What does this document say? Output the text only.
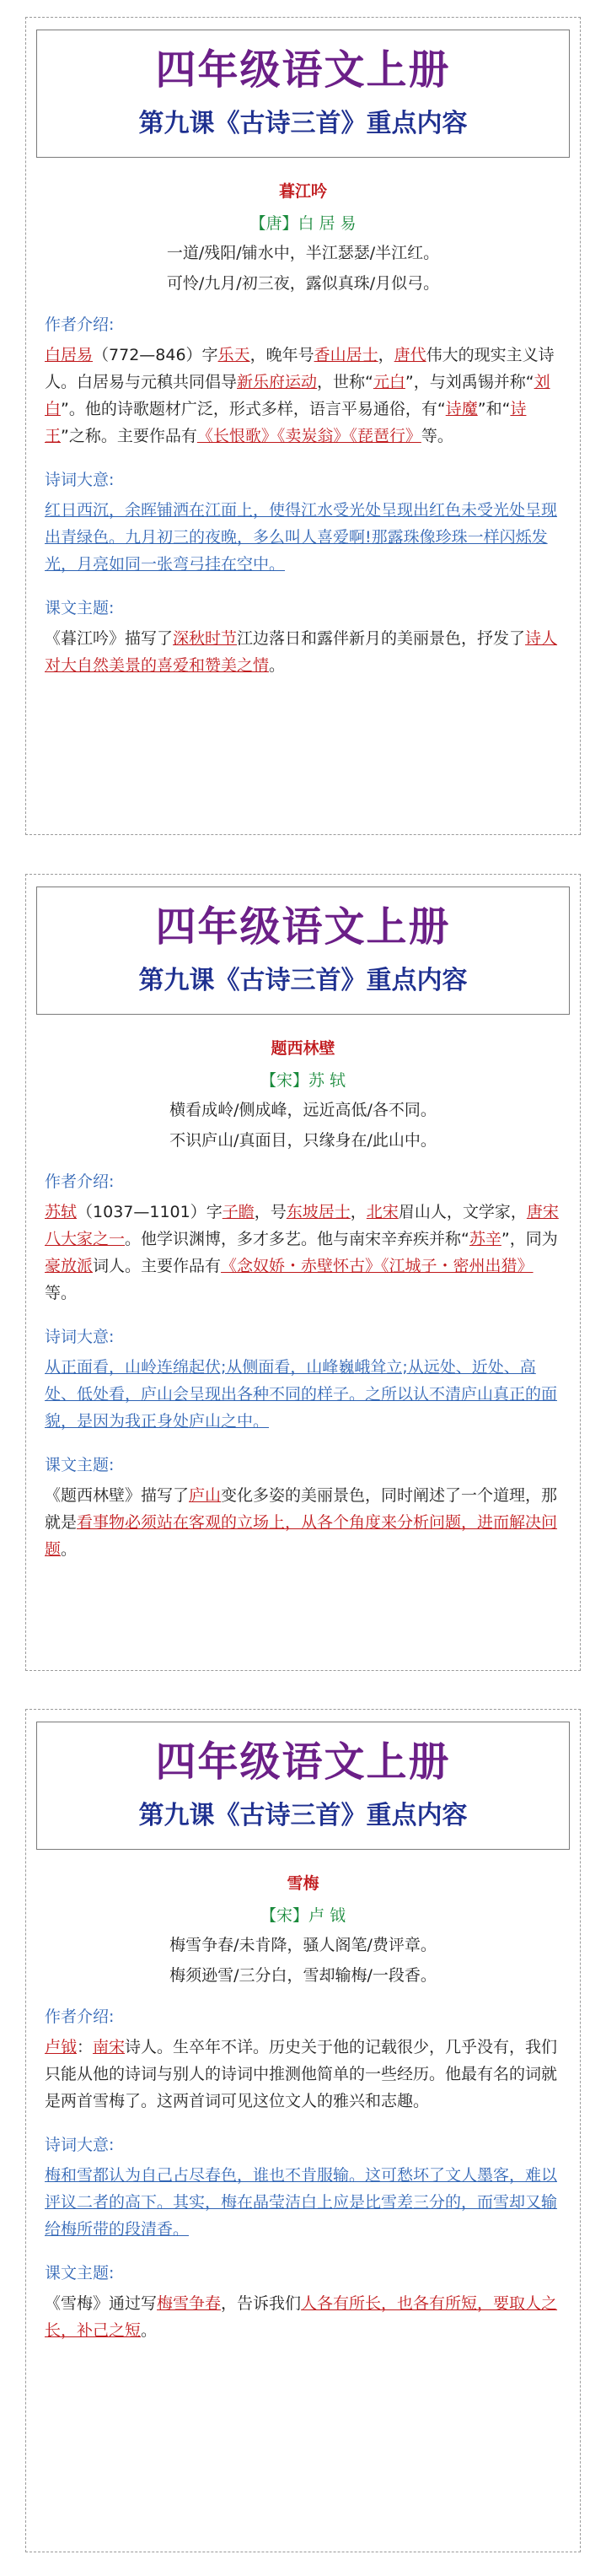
四年级语文上册
第九课《古诗三首》重点内容
暮江吟
【唐】白 居 易
一道/残阳/铺水中，半江瑟瑟/半江红。
可怜/九月/初三夜，露似真珠/月似弓。
作者介绍:
白居易（772—846）字乐天，晚年号香山居士，唐代伟大的现实主义诗人。白居易与元稹共同倡导新乐府运动，世称“元白”，与刘禹锡并称“刘白”。他的诗歌题材广泛，形式多样，语言平易通俗，有“诗魔”和“诗王”之称。主要作品有《长恨歌》《卖炭翁》《琵琶行》等。
诗词大意:
红日西沉，余晖铺洒在江面上，使得江水受光处呈现出红色未受光处呈现出青绿色。九月初三的夜晚，多么叫人喜爱啊!那露珠像珍珠一样闪烁发光，月亮如同一张弯弓挂在空中。
课文主题:
《暮江吟》描写了深秋时节江边落日和露伴新月的美丽景色，抒发了诗人对大自然美景的喜爱和赞美之情。
四年级语文上册
第九课《古诗三首》重点内容
题西林壁
【宋】苏 轼
横看成岭/侧成峰，远近高低/各不同。
不识庐山/真面目，只缘身在/此山中。
作者介绍:
苏轼（1037—1101）字子瞻，号东坡居士，北宋眉山人，文学家，唐宋八大家之一。他学识渊博，多才多艺。他与南宋辛弃疾并称“苏辛”，同为豪放派词人。主要作品有《念奴娇・赤壁怀古》《江城子・密州出猎》等。
诗词大意:
从正面看，山岭连绵起伏;从侧面看，山峰巍峨耸立;从远处、近处、高处、低处看，庐山会呈现出各种不同的样子。之所以认不清庐山真正的面貌，是因为我正身处庐山之中。
课文主题:
《题西林壁》描写了庐山变化多姿的美丽景色，同时阐述了一个道理，那就是看事物必须站在客观的立场上，从各个角度来分析问题，进而解决问题。
四年级语文上册
第九课《古诗三首》重点内容
雪梅
【宋】卢 钺
梅雪争春/未肯降，骚人阁笔/费评章。
梅须逊雪/三分白，雪却输梅/一段香。
作者介绍:
卢钺：南宋诗人。生卒年不详。历史关于他的记载很少，几乎没有，我们只能从他的诗词与别人的诗词中推测他简单的一些经历。他最有名的词就是两首雪梅了。这两首词可见这位文人的雅兴和志趣。
诗词大意:
梅和雪都认为自己占尽春色，谁也不肯服输。这可愁坏了文人墨客，难以评议二者的高下。其实，梅在晶莹洁白上应是比雪差三分的，而雪却又输给梅所带的段清香。
课文主题:
《雪梅》通过写梅雪争春，告诉我们人各有所长，也各有所短，要取人之长，补己之短。
